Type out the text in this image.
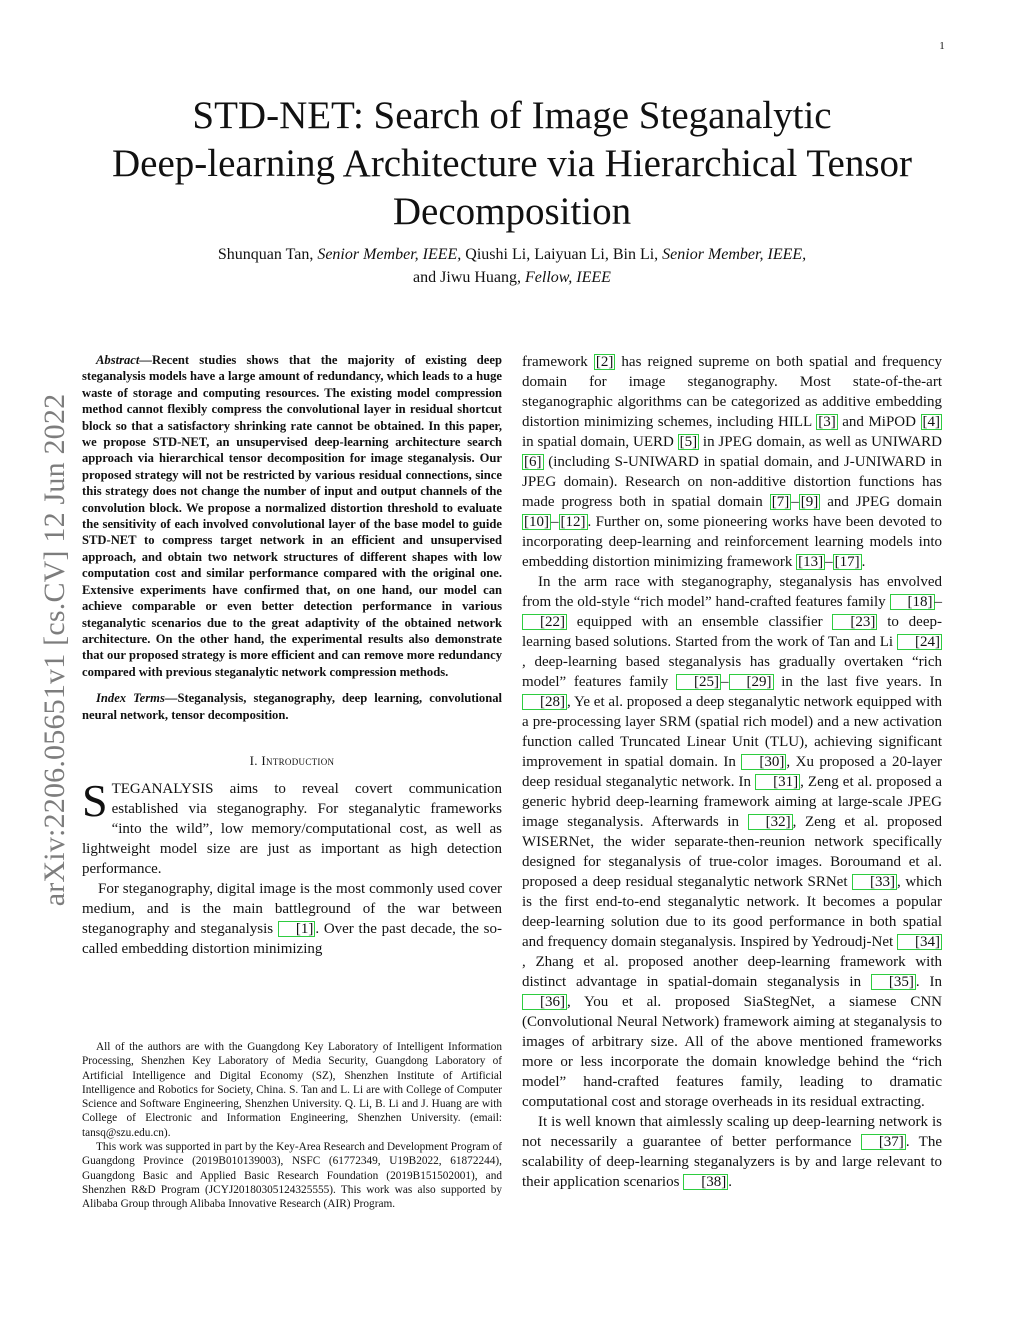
1
arXiv:2206.05651v1 [cs.CV] 12 Jun 2022
STD-NET: Search of Image Steganalytic
Deep-learning Architecture via Hierarchical Tensor
Decomposition
Shunquan Tan, Senior Member, IEEE, Qiushi Li, Laiyuan Li, Bin Li, Senior Member, IEEE,
and Jiwu Huang, Fellow, IEEE

Abstract—Recent studies shows that the majority of existing deep steganalysis models have a large amount of redundancy, which leads to a huge waste of storage and computing resources. The existing model compression method cannot flexibly compress the convolutional layer in residual shortcut block so that a satisfactory shrinking rate cannot be obtained. In this paper, we propose STD-NET, an unsupervised deep-learning architecture search approach via hierarchical tensor decomposition for image steganalysis. Our proposed strategy will not be restricted by various residual connections, since this strategy does not change the number of input and output channels of the convolution block. We propose a normalized distortion threshold to evaluate the sensitivity of each involved convolutional layer of the base model to guide STD-NET to compress target network in an efficient and unsupervised approach, and obtain two network structures of different shapes with low computation cost and similar performance compared with the original one. Extensive experiments have confirmed that, on one hand, our model can achieve comparable or even better detection performance in various steganalytic scenarios due to the great adaptivity of the obtained network architecture. On the other hand, the experimental results also demonstrate that our proposed strategy is more efficient and can remove more redundancy compared with previous steganalytic network compression methods.

Index Terms—Steganalysis, steganography, deep learning, convolutional neural network, tensor decomposition.

I. Introduction

STEGANALYSIS aims to reveal covert communication established via steganography. For steganalytic frameworks “into the wild”, low memory/computational cost, as well as lightweight model size are just as important as high detection performance.

For steganography, digital image is the most commonly used cover medium, and is the main battleground of the war between steganography and steganalysis [1] . Over the past decade, the so-called embedding distortion minimizing

All of the authors are with the Guangdong Key Laboratory of Intelligent Information Processing, Shenzhen Key Laboratory of Media Security, Guangdong Laboratory of Artificial Intelligence and Digital Economy (SZ), Shenzhen Institute of Artificial Intelligence and Robotics for Society, China. S. Tan and L. Li are with College of Computer Science and Software Engineering, Shenzhen University. Q. Li, B. Li and J. Huang are with College of Electronic and Information Engineering, Shenzhen University. (email: tansq@szu.edu.cn).

This work was supported in part by the Key-Area Research and Development Program of Guangdong Province (2019B010139003), NSFC (61772349, U19B2022, 61872244), Guangdong Basic and Applied Basic Research Foundation (2019B151502001), and Shenzhen R&D Program (JCYJ20180305124325555). This work was also supported by Alibaba Group through Alibaba Innovative Research (AIR) Program.

framework [2] has reigned supreme on both spatial and frequency domain for image steganography. Most state-of-the-art steganographic algorithms can be categorized as additive embedding distortion minimizing schemes, including HILL [3] and MiPOD [4] in spatial domain, UERD [5] in JPEG domain, as well as UNIWARD [6] (including S-UNIWARD in spatial domain, and J-UNIWARD in JPEG domain). Research on non-additive distortion functions has made progress both in spatial domain [7] – [9] and JPEG domain [10] – [12] . Further on, some pioneering works have been devoted to incorporating deep-learning and reinforcement learning models into embedding distortion minimizing framework [13] – [17] .

In the arm race with steganography, steganalysis has envolved from the old-style “rich model” hand-crafted features family [18] –[22] equipped with an ensemble classifier [23] to deep-learning based solutions. Started from the work of Tan and Li [24], deep-learning based steganalysis has gradually overtaken “rich model” features family [25] – [29] in the last five years. In [28] , Ye et al. proposed a deep steganalytic network equipped with a pre-processing layer SRM (spatial rich model) and a new activation function called Truncated Linear Unit (TLU), achieving significant improvement in spatial domain. In [30] , Xu proposed a 20-layer deep residual steganalytic network. In [31] , Zeng et al. proposed a generic hybrid deep-learning framework aiming at large-scale JPEG image steganalysis. Afterwards in [32] , Zeng et al. proposed WISERNet, the wider separate-then-reunion network specifically designed for steganalysis of true-color images. Boroumand et al. proposed a deep residual steganalytic network SRNet [33] , which is the first end-to-end steganalytic network. It becomes a popular deep-learning solution due to its good performance in both spatial and frequency domain steganalysis. Inspired by Yedroudj-Net [34], Zhang et al. proposed another deep-learning framework with distinct advantage in spatial-domain steganalysis in [35] . In [36] , You et al. proposed SiaStegNet, a siamese CNN (Convolutional Neural Network) framework aiming at steganalysis to images of arbitrary size. All of the above mentioned frameworks more or less incorporate the domain knowledge behind the “rich model” hand-crafted features family, leading to dramatic computational cost and storage overheads in its residual extracting.

It is well known that aimlessly scaling up deep-learning network is not necessarily a guarantee of better performance [37] . The scalability of deep-learning steganalyzers is by and large relevant to their application scenarios [38] .
